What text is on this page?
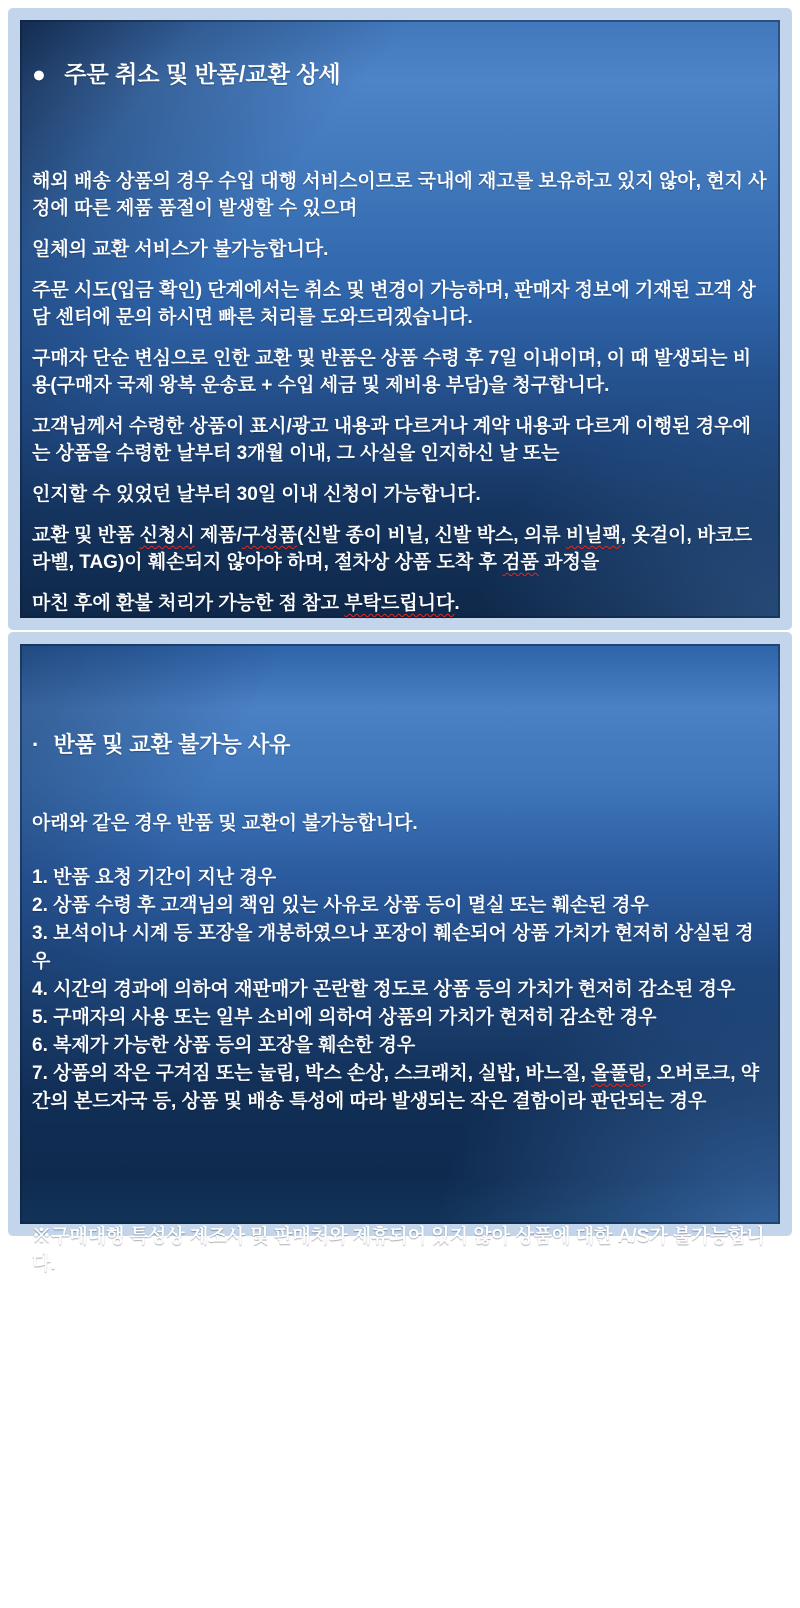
● 주문 취소 및 반품/교환 상세
해외 배송 상품의 경우 수입 대행 서비스이므로 국내에 재고를 보유하고 있지 않아, 현지 사정에 따른 제품 품절이 발생할 수 있으며
일체의 교환 서비스가 불가능합니다.
주문 시도(입금 확인) 단계에서는 취소 및 변경이 가능하며, 판매자 정보에 기재된 고객 상담 센터에 문의 하시면 빠른 처리를 도와드리겠습니다.
구매자 단순 변심으로 인한 교환 및 반품은 상품 수령 후 7일 이내이며, 이 때 발생되는 비용(구매자 국제 왕복 운송료 + 수입 세금 및 제비용 부담)을 청구합니다.
고객님께서 수령한 상품이 표시/광고 내용과 다르거나 계약 내용과 다르게 이행된 경우에는 상품을 수령한 날부터 3개월 이내, 그 사실을 인지하신 날 또는
인지할 수 있었던 날부터 30일 이내 신청이 가능합니다.
교환 및 반품 신청시 제품/구성품(신발 종이 비닐, 신발 박스, 의류 비닐팩, 옷걸이, 바코드 라벨, TAG)이 훼손되지 않아야 하며, 절차상 상품 도착 후 검품 과정을
마친 후에 환불 처리가 가능한 점 참고 부탁드립니다.
· 반품 및 교환 불가능 사유

아래와 같은 경우 반품 및 교환이 불가능합니다.

1. 반품 요청 기간이 지난 경우
2. 상품 수령 후 고객님의 책임 있는 사유로 상품 등이 멸실 또는 훼손된 경우
3. 보석이나 시계 등 포장을 개봉하였으나 포장이 훼손되어 상품 가치가 현저히 상실된 경우
4. 시간의 경과에 의하여 재판매가 곤란할 정도로 상품 등의 가치가 현저히 감소된 경우
5. 구매자의 사용 또는 일부 소비에 의하여 상품의 가치가 현저히 감소한 경우
6. 복제가 가능한 상품 등의 포장을 훼손한 경우
7. 상품의 작은 구겨짐 또는 눌림, 박스 손상, 스크래치, 실밥, 바느질, 올풀림, 오버로크, 약간의 본드자국 등, 상품 및 배송 특성에 따라 발생되는 작은 결함이라 판단되는 경우
※구매대행 특성상 제조사 및 판매처와 제휴되어 있지 않아 상품에 대한 A/S가 불가능합니다.
